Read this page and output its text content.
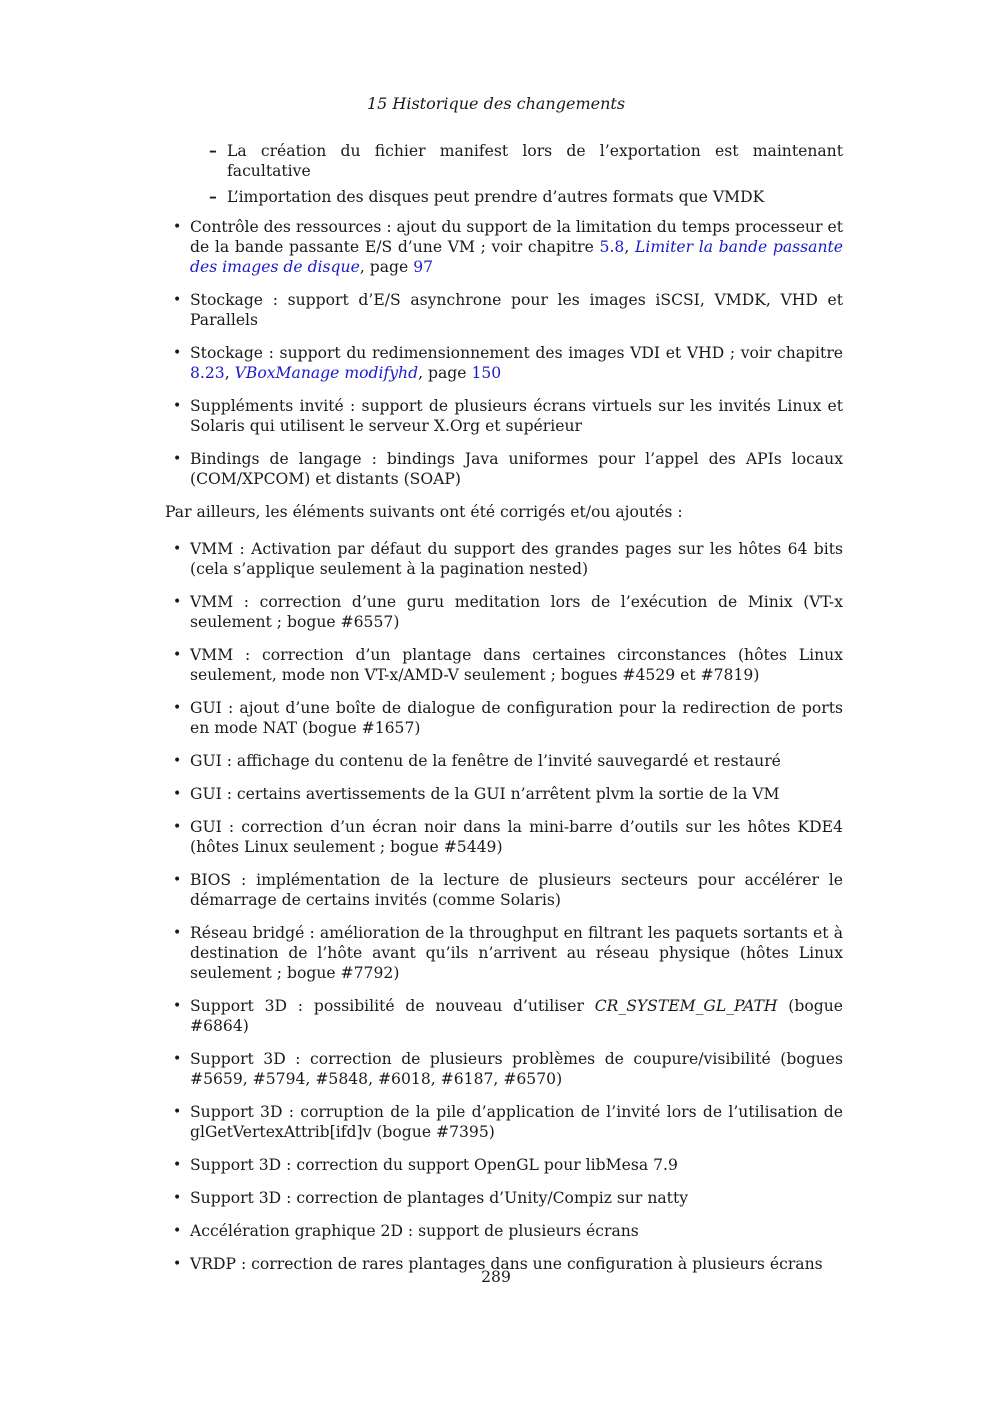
15 Historique des changements
– La création du fichier manifest lors de l’exportation est maintenant facultative
– L’importation des disques peut prendre d’autres formats que VMDK
• Contrôle des ressources : ajout du support de la limitation du temps processeur et de la bande passante E/S d’une VM ; voir chapitre 5.8, Limiter la bande passante des images de disque, page 97
• Stockage : support d’E/S asynchrone pour les images iSCSI, VMDK, VHD et Parallels
• Stockage : support du redimensionnement des images VDI et VHD ; voir chapitre 8.23, VBoxManage modifyhd, page 150
• Suppléments invité : support de plusieurs écrans virtuels sur les invités Linux et Solaris qui utilisent le serveur X.Org et supérieur
• Bindings de langage : bindings Java uniformes pour l’appel des APIs locaux (COM/XPCOM) et distants (SOAP)

Par ailleurs, les éléments suivants ont été corrigés et/ou ajoutés :

• VMM : Activation par défaut du support des grandes pages sur les hôtes 64 bits (cela s’applique seulement à la pagination nested)
• VMM : correction d’une guru meditation lors de l’exécution de Minix (VT-x seulement ; bogue #6557)
• VMM : correction d’un plantage dans certaines circonstances (hôtes Linux seulement, mode non VT-x/AMD-V seulement ; bogues #4529 et #7819)
• GUI : ajout d’une boîte de dialogue de configuration pour la redirection de ports en mode NAT (bogue #1657)
• GUI : affichage du contenu de la fenêtre de l’invité sauvegardé et restauré
• GUI : certains avertissements de la GUI n’arrêtent plvm la sortie de la VM
• GUI : correction d’un écran noir dans la mini-barre d’outils sur les hôtes KDE4 (hôtes Linux seulement ; bogue #5449)
• BIOS : implémentation de la lecture de plusieurs secteurs pour accélérer le démarrage de certains invités (comme Solaris)
• Réseau bridgé : amélioration de la throughput en filtrant les paquets sortants et à destination de l’hôte avant qu’ils n’arrivent au réseau physique (hôtes Linux seulement ; bogue #7792)
• Support 3D : possibilité de nouveau d’utiliser CR_SYSTEM_GL_PATH (bogue #6864)
• Support 3D : correction de plusieurs problèmes de coupure/visibilité (bogues #5659, #5794, #5848, #6018, #6187, #6570)
• Support 3D : corruption de la pile d’application de l’invité lors de l’utilisation de glGetVertexAttrib[ifd]v (bogue #7395)
• Support 3D : correction du support OpenGL pour libMesa 7.9
• Support 3D : correction de plantages d’Unity/Compiz sur natty
• Accélération graphique 2D : support de plusieurs écrans
• VRDP : correction de rares plantages dans une configuration à plusieurs écrans
289
